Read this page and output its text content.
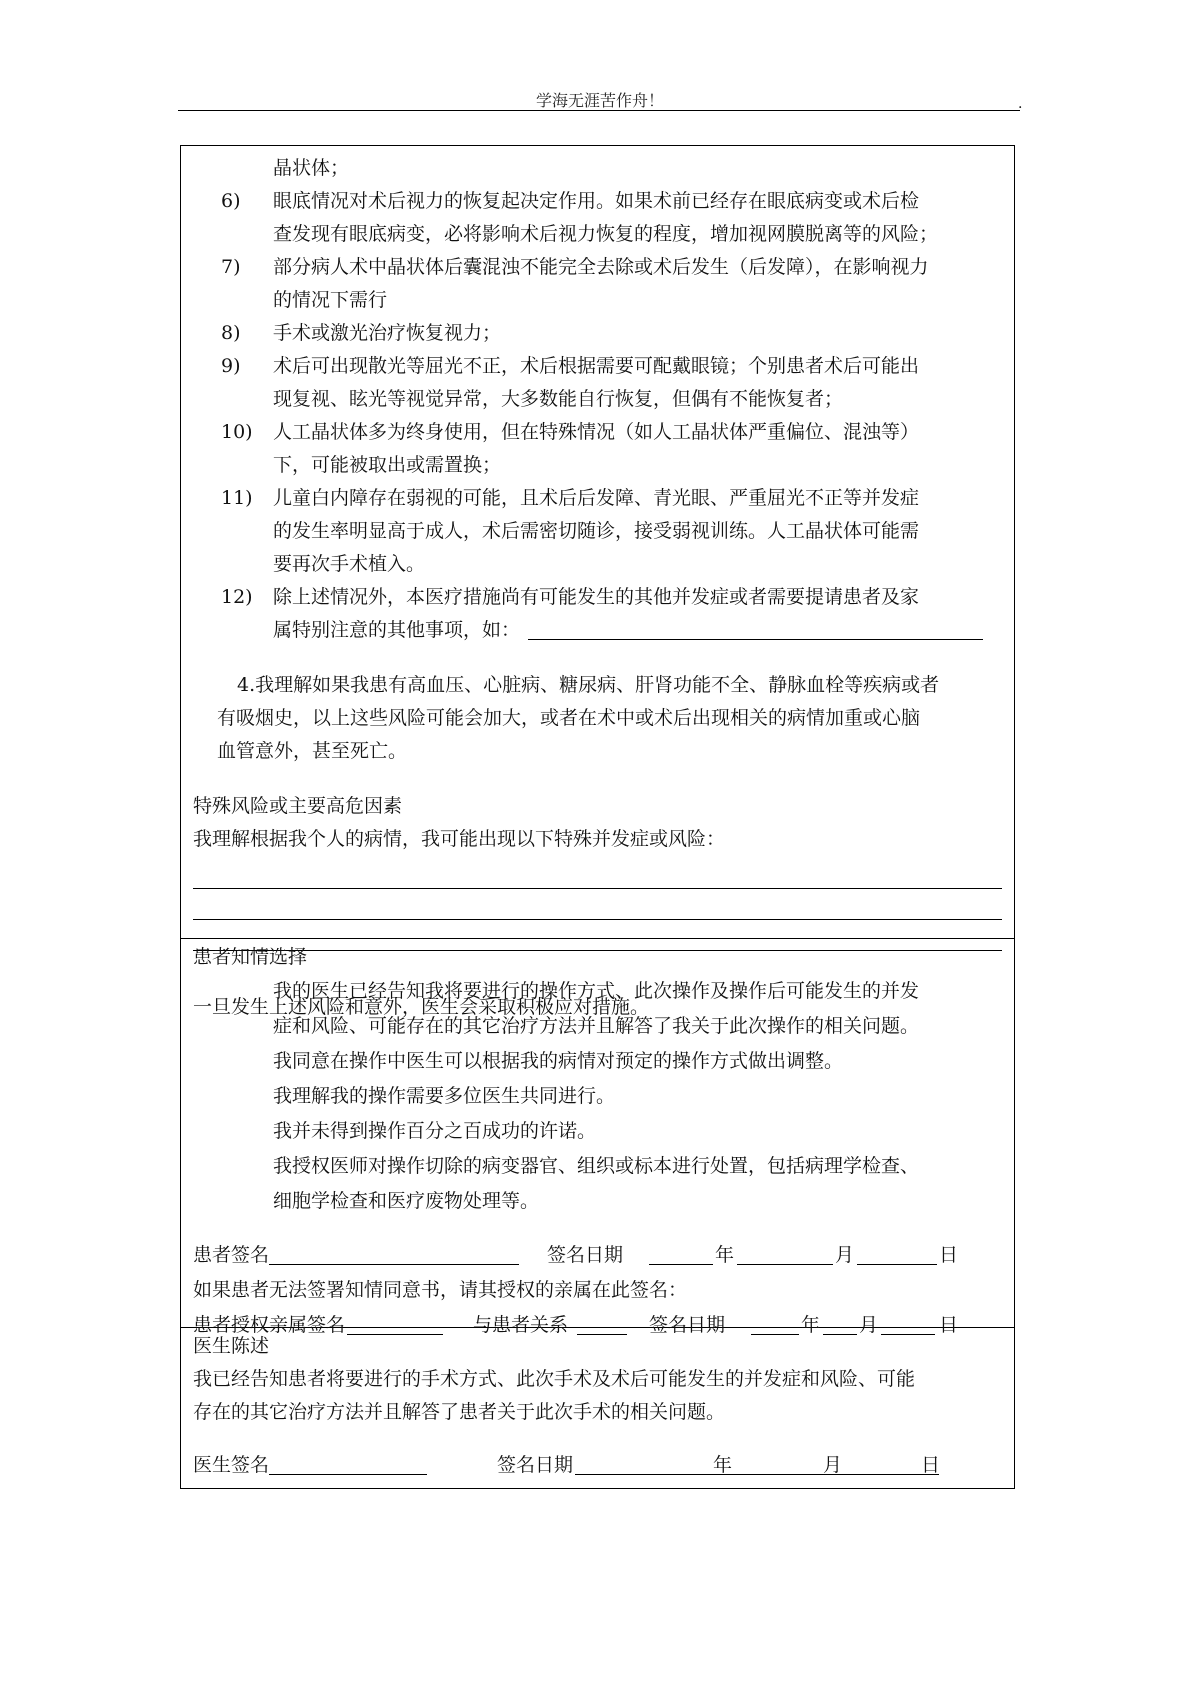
学海无涯苦作舟！	.
晶状体；
6)	眼底情况对术后视力的恢复起决定作用。如果术前已经存在眼底病变或术后检
查发现有眼底病变，必将影响术后视力恢复的程度，增加视网膜脱离等的风险；
7)	部分病人术中晶状体后囊混浊不能完全去除或术后发生（后发障），在影响视力
的情况下需行
8)	手术或激光治疗恢复视力；
9)	术后可出现散光等屈光不正，术后根据需要可配戴眼镜；个别患者术后可能出
现复视、眩光等视觉异常，大多数能自行恢复，但偶有不能恢复者；
10)	人工晶状体多为终身使用，但在特殊情况（如人工晶状体严重偏位、混浊等）
下，可能被取出或需置换；
11)	儿童白内障存在弱视的可能，且术后后发障、青光眼、严重屈光不正等并发症
的发生率明显高于成人，术后需密切随诊，接受弱视训练。人工晶状体可能需
要再次手术植入。
12)	除上述情况外，本医疗措施尚有可能发生的其他并发症或者需要提请患者及家
属特别注意的其他事项，如：
4.我理解如果我患有高血压、心脏病、糖尿病、肝肾功能不全、静脉血栓等疾病或者
有吸烟史，以上这些风险可能会加大，或者在术中或术后出现相关的病情加重或心脑
血管意外，甚至死亡。
特殊风险或主要高危因素
我理解根据我个人的病情，我可能出现以下特殊并发症或风险：
一旦发生上述风险和意外，医生会采取积极应对措施。
患者知情选择
我的医生已经告知我将要进行的操作方式、此次操作及操作后可能发生的并发
症和风险、可能存在的其它治疗方法并且解答了我关于此次操作的相关问题。
我同意在操作中医生可以根据我的病情对预定的操作方式做出调整。
我理解我的操作需要多位医生共同进行。
我并未得到操作百分之百成功的许诺。
我授权医师对操作切除的病变器官、组织或标本进行处置，包括病理学检查、
细胞学检查和医疗废物处理等。
患者签名	签名日期	年	月	日
如果患者无法签署知情同意书，请其授权的亲属在此签名：
患者授权亲属签名	与患者关系	签名日期	年 月	日
医生陈述
我已经告知患者将要进行的手术方式、此次手术及术后可能发生的并发症和风险、可能
存在的其它治疗方法并且解答了患者关于此次手术的相关问题。
医生签名	签名日期	年	月	日
